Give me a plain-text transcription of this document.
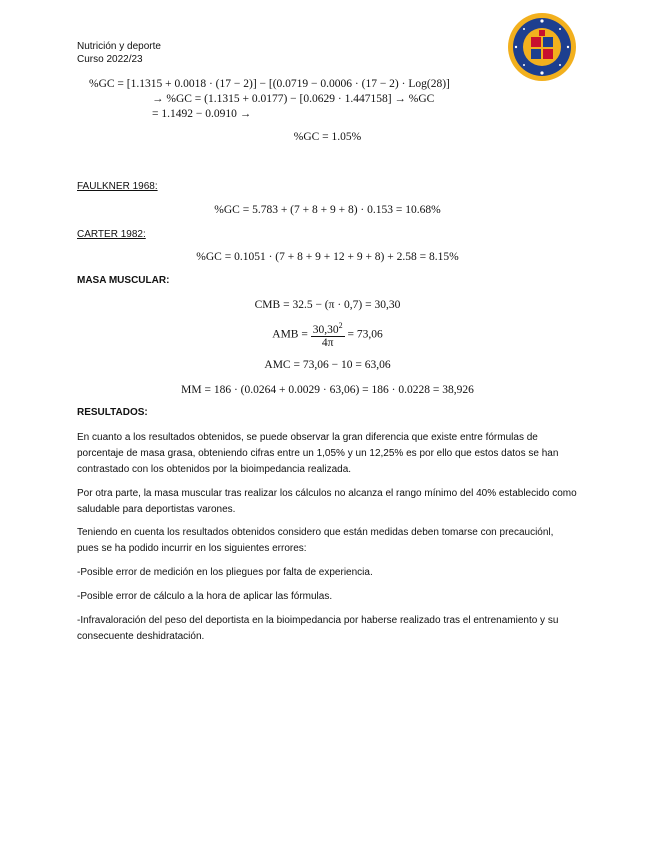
Nutrición y deporte
Curso 2022/23
%GC = [1.1315 + 0.0018 · (17 − 2)] − [(0.0719 − 0.0006 · (17 − 2) · Log(28)]
→ %GC = (1.1315 + 0.0177) − [0.0629 · 1.447158] → %GC
= 1.1492 − 0.0910 →
%GC = 1.05%
FAULKNER 1968:
%GC = 5.783 + (7 + 8 + 9 + 8) · 0.153 = 10.68%
CARTER 1982:
%GC = 0.1051 · (7 + 8 + 9 + 12 + 9 + 8) + 2.58 = 8.15%
MASA MUSCULAR:
CMB = 32.5 − (π · 0,7) = 30,30
AMB = $\frac{30,30^2}{4\pi} = 73,06$
AMC = 73,06 − 10 = 63,06
MM = 186 · (0.0264 + 0.0029 · 63,06) = 186 · 0.0228 = 38,926
RESULTADOS:
En cuanto a los resultados obtenidos, se puede observar la gran diferencia que existe entre fórmulas de porcentaje de masa grasa, obteniendo cifras entre un 1,05% y un 12,25% es por ello que estos datos se han contrastado con los obtenidos por la bioimpedancia realizada.
Por otra parte, la masa muscular tras realizar los cálculos no alcanza el rango mínimo del 40% establecido como saludable para deportistas varones.
Teniendo en cuenta los resultados obtenidos considero que están medidas deben tomarse con precauciónl, pues se ha podido incurrir en los siguientes errores:
-Posible error de medición en los pliegues por falta de experiencia.
-Posible error de cálculo a la hora de aplicar las fórmulas.
-Infravaloración del peso del deportista en la bioimpedancia por haberse realizado tras el entrenamiento y su consecuente deshidratación.
